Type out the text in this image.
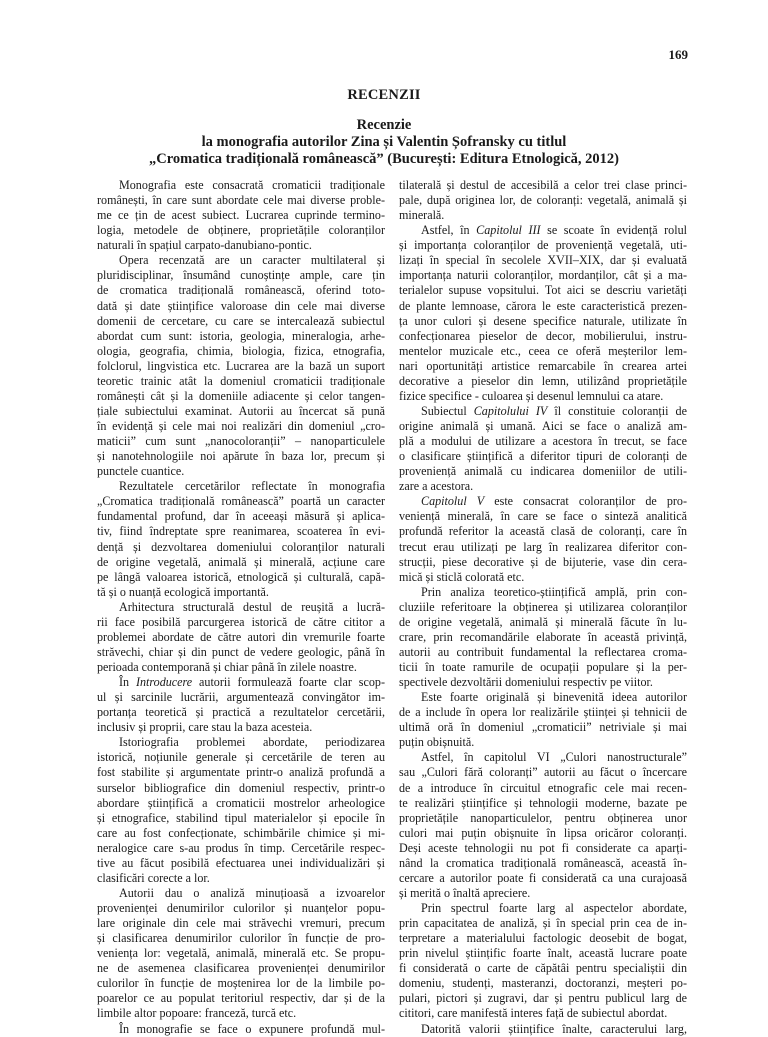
169
RECENZII
Recenzie
la monografia autorilor Zina și Valentin Șofransky cu titlul
„Cromatica tradițională românească” (București: Editura Etnologică, 2012)
Monografia este consacrată cromaticii tradiționale
românești, în care sunt abordate cele mai diverse proble-
me ce țin de acest subiect. Lucrarea cuprinde termino-
logia, metodele de obținere, proprietățile coloranților
naturali în spațiul carpato-danubiano-pontic.
Opera recenzată are un caracter multilateral și
pluridisciplinar, însumând cunoștințe ample, care țin
de cromatica tradițională românească, oferind toto-
dată și date științifice valoroase din cele mai diverse
domenii de cercetare, cu care se intercalează subiectul
abordat cum sunt: istoria, geologia, mineralogia, arhe-
ologia, geografia, chimia, biologia, fizica, etnografia,
folclorul, lingvistica etc. Lucrarea are la bază un suport
teoretic trainic atât la domeniul cromaticii tradiționale
românești cât și la domeniile adiacente și celor tangen-
țiale subiectului examinat. Autorii au încercat să pună
în evidență și cele mai noi realizări din domeniul „cro-
maticii” cum sunt „nanocoloranții” – nanoparticulele
și nanotehnologiile noi apărute în baza lor, precum și
punctele cuantice.
Rezultatele cercetărilor reflectate în monografia
„Cromatica tradițională românească” poartă un caracter
fundamental profund, dar în aceeași măsură și aplica-
tiv, fiind îndreptate spre reanimarea, scoaterea în evi-
dență și dezvoltarea domeniului coloranților naturali
de origine vegetală, animală și minerală, acțiune care
pe lângă valoarea istorică, etnologică și culturală, capă-
tă și o nuanță ecologică importantă.
Arhitectura structurală destul de reușită a lucră-
rii face posibilă parcurgerea istorică de către cititor a
problemei abordate de către autori din vremurile foarte
străvechi, chiar și din punct de vedere geologic, până în
perioada contemporană și chiar până în zilele noastre.
În Introducere autorii formulează foarte clar scop-
ul și sarcinile lucrării, argumentează convingător im-
portanța teoretică și practică a rezultatelor cercetării,
inclusiv și proprii, care stau la baza acesteia.
Istoriografia problemei abordate, periodizarea
istorică, noțiunile generale și cercetările de teren au
fost stabilite și argumentate printr-o analiză profundă a
surselor bibliografice din domeniul respectiv, printr-o
abordare științifică a cromaticii mostrelor arheologice
și etnografice, stabilind tipul materialelor și epocile în
care au fost confecționate, schimbările chimice și mi-
neralogice care s-au produs în timp. Cercetările respec-
tive au făcut posibilă efectuarea unei individualizări și
clasificări corecte a lor.
Autorii dau o analiză minuțioasă a izvoarelor
provenienței denumirilor culorilor și nuanțelor popu-
lare originale din cele mai străvechi vremuri, precum
și clasificarea denumirilor culorilor în funcție de pro-
veniența lor: vegetală, animală, minerală etc. Se propu-
ne de asemenea clasificarea provenienței denumirilor
culorilor în funcție de moștenirea lor de la limbile po-
poarelor ce au populat teritoriul respectiv, dar și de la
limbile altor popoare: franceză, turcă etc.
În monografie se face o expunere profundă mul-
tilaterală și destul de accesibilă a celor trei clase princi-
pale, după originea lor, de coloranți: vegetală, animală și
minerală.
Astfel, în Capitolul III se scoate în evidență rolul
și importanța coloranților de proveniență vegetală, uti-
lizați în special în secolele XVII–XIX, dar și evaluată
importanța naturii coloranților, mordanților, cât și a ma-
terialelor supuse vopsitului. Tot aici se descriu varietăți
de plante lemnoase, cărora le este caracteristică prezen-
ța unor culori și desene specifice naturale, utilizate în
confecționarea pieselor de decor, mobilierului, instru-
mentelor muzicale etc., ceea ce oferă meșterilor lem-
nari oportunități artistice remarcabile în crearea artei
decorative a pieselor din lemn, utilizând proprietățile
fizice specifice - culoarea și desenul lemnului ca atare.
Subiectul Capitolului IV îl constituie coloranții de
origine animală și umană. Aici se face o analiză am-
plă a modului de utilizare a acestora în trecut, se face
o clasificare științifică a diferitor tipuri de coloranți de
proveniență animală cu indicarea domeniilor de utili-
zare a acestora.
Capitolul V este consacrat coloranților de pro-
veniență minerală, în care se face o sinteză analitică
profundă referitor la această clasă de coloranți, care în
trecut erau utilizați pe larg în realizarea diferitor con-
strucții, piese decorative și de bijuterie, vase din cera-
mică și sticlă colorată etc.
Prin analiza teoretico-științifică amplă, prin con-
cluziile referitoare la obținerea și utilizarea coloranților
de origine vegetală, animală și minerală făcute în lu-
crare, prin recomandările elaborate în această privință,
autorii au contribuit fundamental la reflectarea croma-
ticii în toate ramurile de ocupații populare și la per-
spectivele dezvoltării domeniului respectiv pe viitor.
Este foarte originală și binevenită ideea autorilor
de a include în opera lor realizările științei și tehnicii de
ultimă oră în domeniul „cromaticii” netriviale și mai
puțin obișnuită.
Astfel, în capitolul VI „Culori nanostructurale”
sau „Culori fără coloranți” autorii au făcut o încercare
de a introduce în circuitul etnografic cele mai recen-
te realizări științifice și tehnologii moderne, bazate pe
proprietățile nanoparticulelor, pentru obținerea unor
culori mai puțin obișnuite în lipsa oricăror coloranți.
Deși aceste tehnologii nu pot fi considerate ca aparți-
nând la cromatica tradițională românească, această în-
cercare a autorilor poate fi considerată ca una curajoasă
și merită o înaltă apreciere.
Prin spectrul foarte larg al aspectelor abordate,
prin capacitatea de analiză, și în special prin cea de in-
terpretare a materialului factologic deosebit de bogat,
prin nivelul științific foarte înalt, această lucrare poate
fi considerată o carte de căpătâi pentru specialiștii din
domeniu, studenți, masteranzi, doctoranzi, meșteri po-
pulari, pictori și zugravi, dar și pentru publicul larg de
cititori, care manifestă interes față de subiectul abordat.
Datorită valorii științifice înalte, caracterului larg,
